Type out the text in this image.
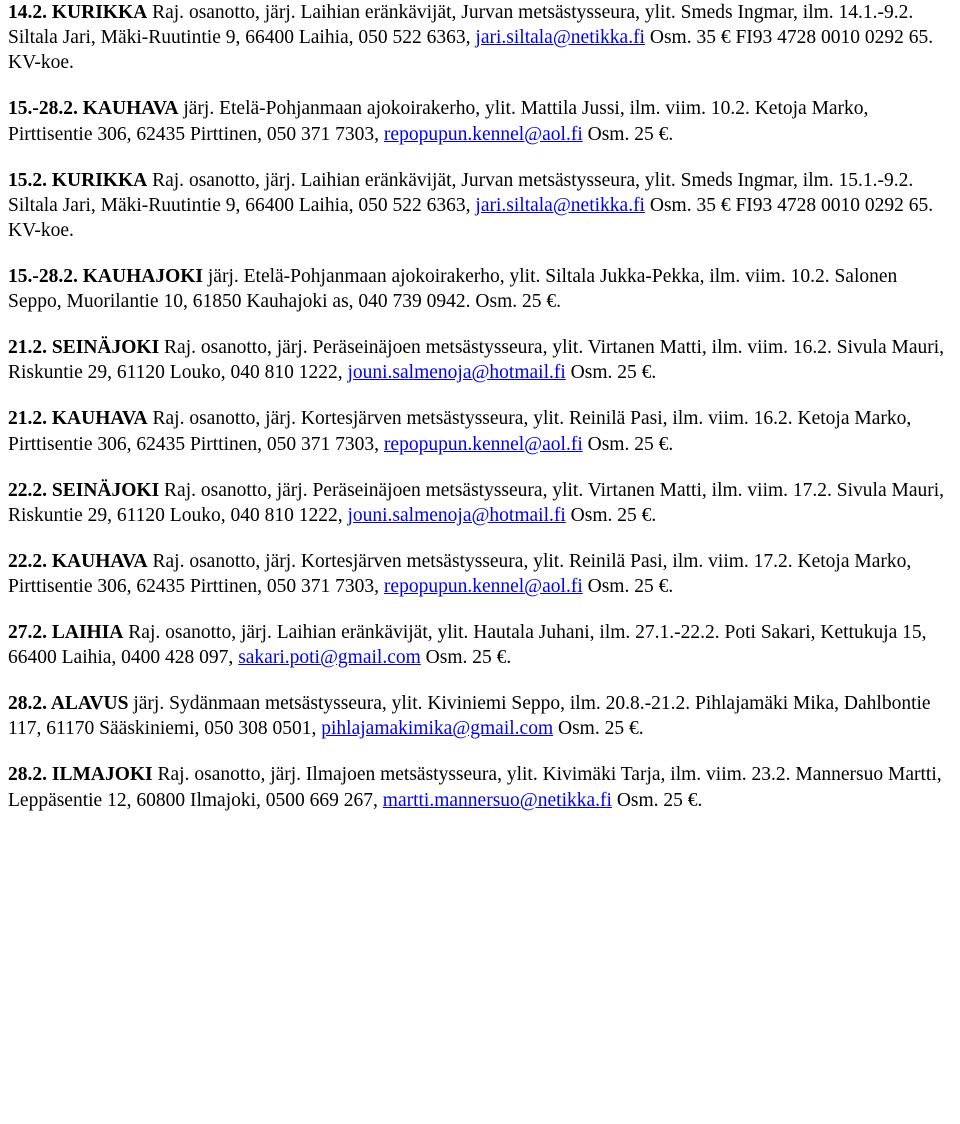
14.2. KURIKKA Raj. osanotto, järj. Laihian eränkävijät, Jurvan metsästysseura, ylit. Smeds Ingmar, ilm. 14.1.-9.2. Siltala Jari, Mäki-Ruutintie 9, 66400 Laihia, 050 522 6363, jari.siltala@netikka.fi Osm. 35 € FI93 4728 0010 0292 65. KV-koe.

15.-28.2. KAUHAVA järj. Etelä-Pohjanmaan ajokoirakerho, ylit. Mattila Jussi, ilm. viim. 10.2. Ketoja Marko, Pirttisentie 306, 62435 Pirttinen, 050 371 7303, repopupun.kennel@aol.fi Osm. 25 €.

15.2. KURIKKA Raj. osanotto, järj. Laihian eränkävijät, Jurvan metsästysseura, ylit. Smeds Ingmar, ilm. 15.1.-9.2. Siltala Jari, Mäki-Ruutintie 9, 66400 Laihia, 050 522 6363, jari.siltala@netikka.fi Osm. 35 € FI93 4728 0010 0292 65. KV-koe.

15.-28.2. KAUHAJOKI järj. Etelä-Pohjanmaan ajokoirakerho, ylit. Siltala Jukka-Pekka, ilm. viim. 10.2. Salonen Seppo, Muorilantie 10, 61850 Kauhajoki as, 040 739 0942. Osm. 25 €.

21.2. SEINÄJOKI Raj. osanotto, järj. Peräseinäjoen metsästysseura, ylit. Virtanen Matti, ilm. viim. 16.2. Sivula Mauri, Riskuntie 29, 61120 Louko, 040 810 1222, jouni.salmenoja@hotmail.fi Osm. 25 €.

21.2. KAUHAVA Raj. osanotto, järj. Kortesjärven metsästysseura, ylit. Reinilä Pasi, ilm. viim. 16.2. Ketoja Marko, Pirttisentie 306, 62435 Pirttinen, 050 371 7303, repopupun.kennel@aol.fi Osm. 25 €.

22.2. SEINÄJOKI Raj. osanotto, järj. Peräseinäjoen metsästysseura, ylit. Virtanen Matti, ilm. viim. 17.2. Sivula Mauri, Riskuntie 29, 61120 Louko, 040 810 1222, jouni.salmenoja@hotmail.fi Osm. 25 €.

22.2. KAUHAVA Raj. osanotto, järj. Kortesjärven metsästysseura, ylit. Reinilä Pasi, ilm. viim. 17.2. Ketoja Marko, Pirttisentie 306, 62435 Pirttinen, 050 371 7303, repopupun.kennel@aol.fi Osm. 25 €.

27.2. LAIHIA Raj. osanotto, järj. Laihian eränkävijät, ylit. Hautala Juhani, ilm. 27.1.-22.2. Poti Sakari, Kettukuja 15, 66400 Laihia, 0400 428 097, sakari.poti@gmail.com Osm. 25 €.

28.2. ALAVUS järj. Sydänmaan metsästysseura, ylit. Kiviniemi Seppo, ilm. 20.8.-21.2. Pihlajamäki Mika, Dahlbontie 117, 61170 Sääskiniemi, 050 308 0501, pihlajamakimika@gmail.com Osm. 25 €.

28.2. ILMAJOKI Raj. osanotto, järj. Ilmajoen metsästysseura, ylit. Kivimäki Tarja, ilm. viim. 23.2. Mannersuo Martti, Leppäsentie 12, 60800 Ilmajoki, 0500 669 267, martti.mannersuo@netikka.fi Osm. 25 €.
